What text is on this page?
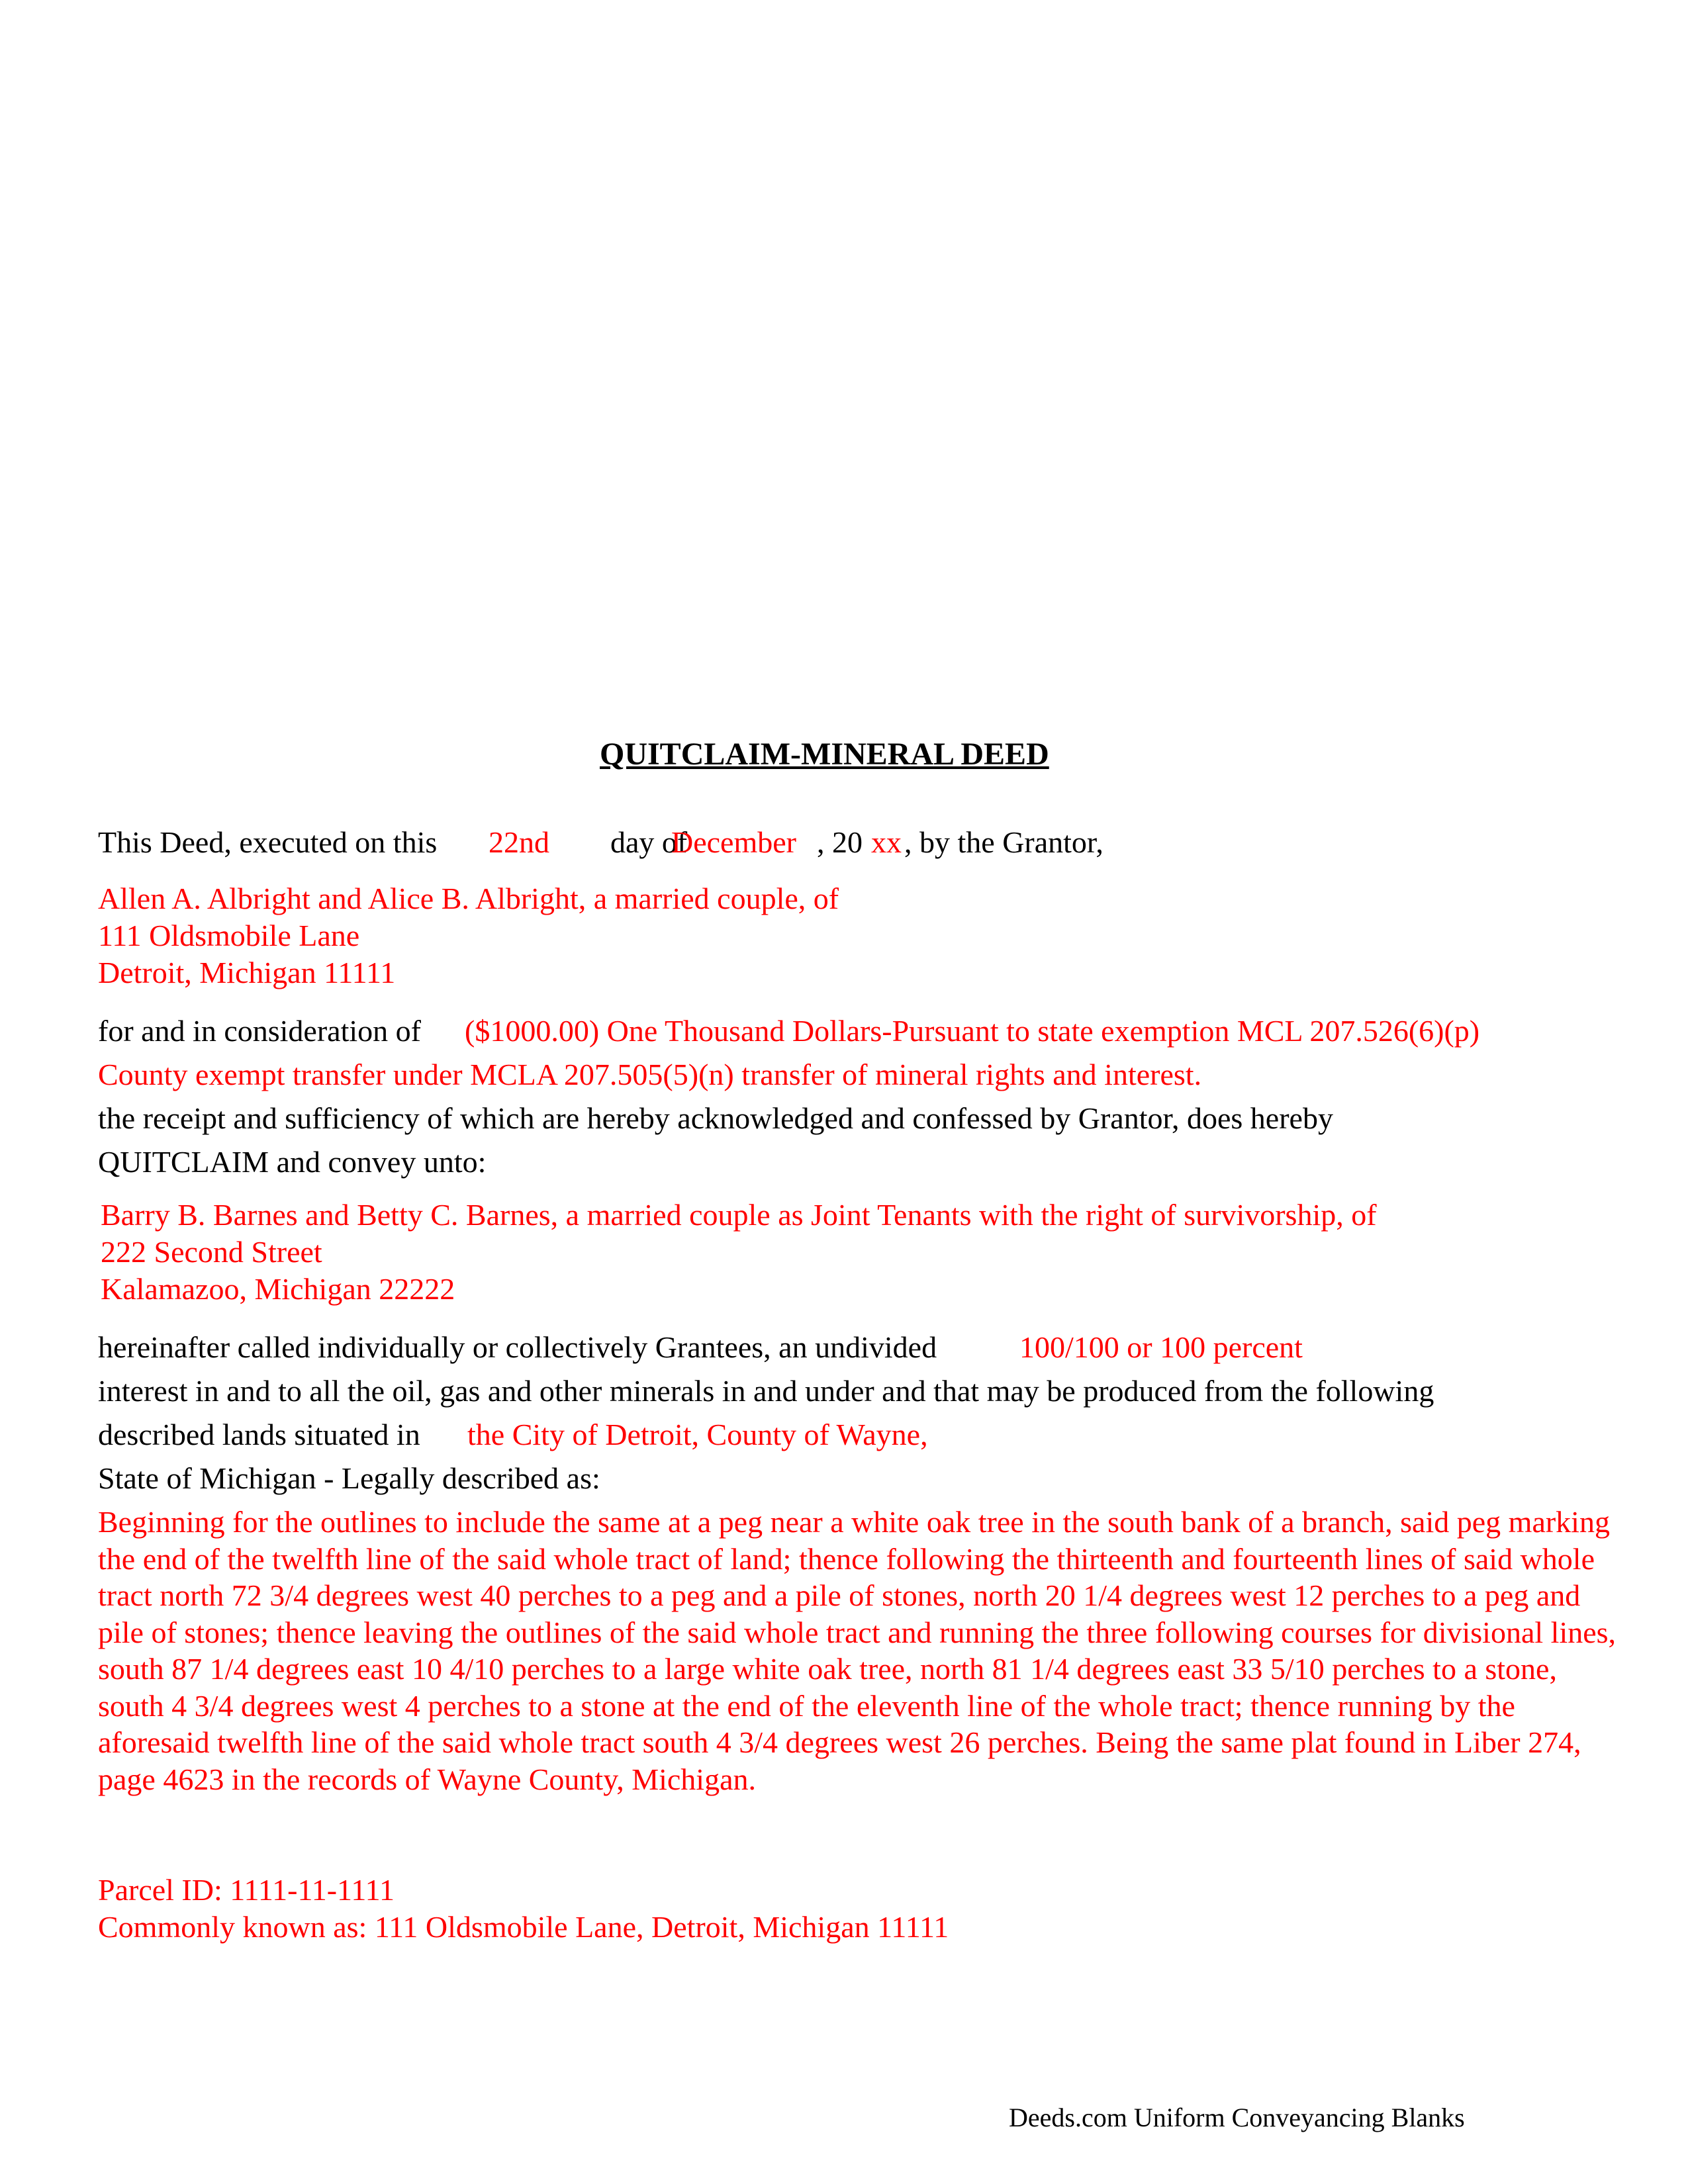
QUITCLAIM-MINERAL DEED
This Deed, executed on this 22nd day of
December , 20 xx , by the Grantor,
Allen A. Albright and Alice B. Albright, a married couple, of
111 Oldsmobile Lane
Detroit, Michigan 11111
for and in consideration of ($1000.00) One Thousand Dollars-Pursuant to state exemption MCL 207.526(6)(p)
County exempt transfer under MCLA 207.505(5)(n) transfer of mineral rights and interest.
the receipt and sufficiency of which are hereby acknowledged and confessed by Grantor, does hereby
QUITCLAIM and convey unto:
Barry B. Barnes and Betty C. Barnes, a married couple as Joint Tenants with the right of survivorship, of
222 Second Street
Kalamazoo, Michigan 22222
hereinafter called individually or collectively Grantees, an undivided	100/100 or 100 percent
interest in and to all the oil, gas and other minerals in and under and that may be produced from the following
described lands situated in the City of Detroit, County of Wayne,
State of Michigan - Legally described as:

Beginning for the outlines to include the same at a peg near a white oak tree in the south bank of a branch, said peg marking the end of the twelfth line of the said whole tract of land; thence following the thirteenth and fourteenth lines of said whole tract north 72 3/4 degrees west 40 perches to a peg and a pile of stones, north 20 1/4 degrees west 12 perches to a peg and pile of stones; thence leaving the outlines of the said whole tract and running the three following courses for divisional lines, south 87 1/4 degrees east 10 4/10 perches to a large white oak tree, north 81 1/4 degrees east 33 5/10 perches to a stone, south 4 3/4 degrees west 4 perches to a stone at the end of the eleventh line of the whole tract; thence running by the aforesaid twelfth line of the said whole tract south 4 3/4 degrees west 26 perches. Being the same plat found in Liber 274, page 4623 in the records of Wayne County, Michigan.

Parcel ID: 1111-11-1111
Commonly known as: 111 Oldsmobile Lane, Detroit, Michigan 11111
Deeds.com Uniform Conveyancing Blanks
